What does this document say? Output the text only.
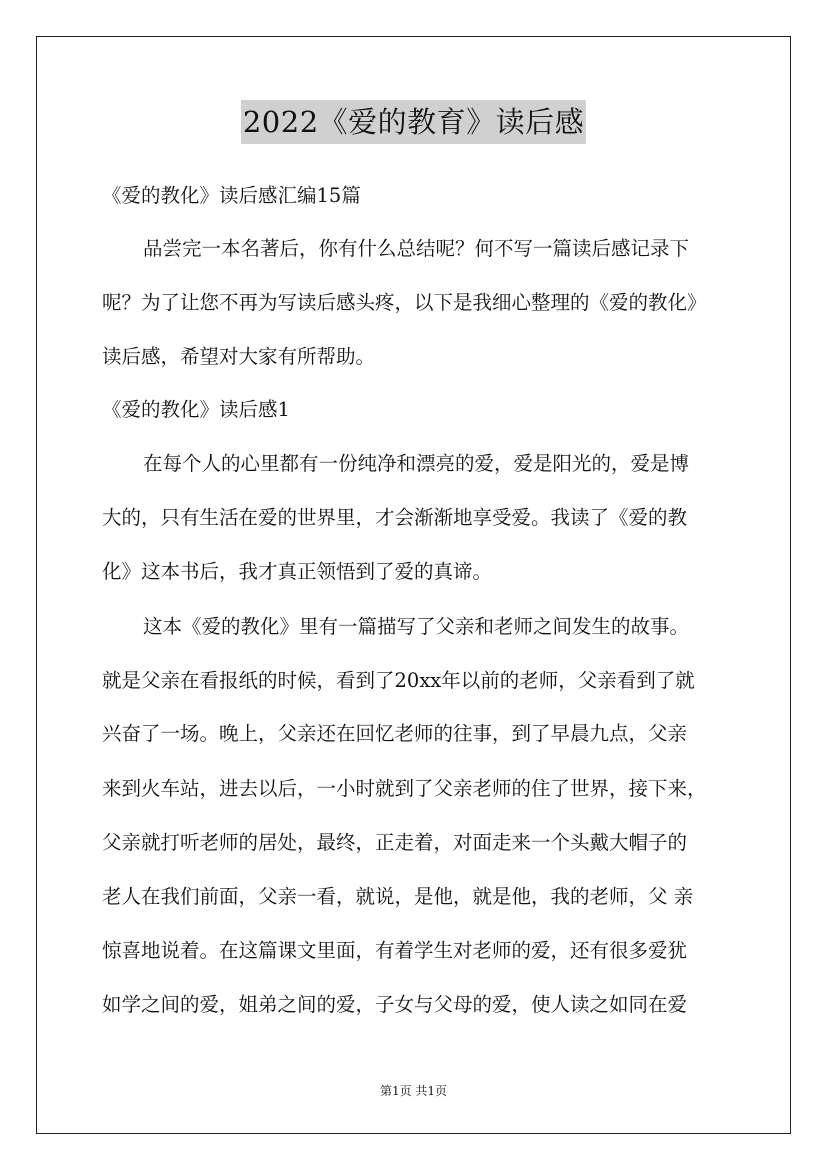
2022《爱的教育》读后感

《爱的教化》读后感汇编15篇

品尝完一本名著后，你有什么总结呢？何不写一篇读后感记录下

呢？为了让您不再为写读后感头疼，以下是我细心整理的《爱的教化》

读后感，希望对大家有所帮助。

《爱的教化》读后感1

在每个人的心里都有一份纯净和漂亮的爱，爱是阳光的，爱是博

大的，只有生活在爱的世界里，才会渐渐地享受爱。我读了《爱的教

化》这本书后，我才真正领悟到了爱的真谛。

这本《爱的教化》里有一篇描写了父亲和老师之间发生的故事。

就是父亲在看报纸的时候，看到了20xx年以前的老师，父亲看到了就

兴奋了一场。晚上，父亲还在回忆老师的往事，到了早晨九点，父亲

来到火车站，进去以后，一小时就到了父亲老师的住了世界，接下来，

父亲就打听老师的居处，最终，正走着，对面走来一个头戴大帽子的

老人在我们前面，父亲一看，就说，是他，就是他，我的老师，父 亲

惊喜地说着。在这篇课文里面，有着学生对老师的爱，还有很多爱犹

如学之间的爱，姐弟之间的爱，子女与父母的爱，使人读之如同在爱

第1页 共1页
